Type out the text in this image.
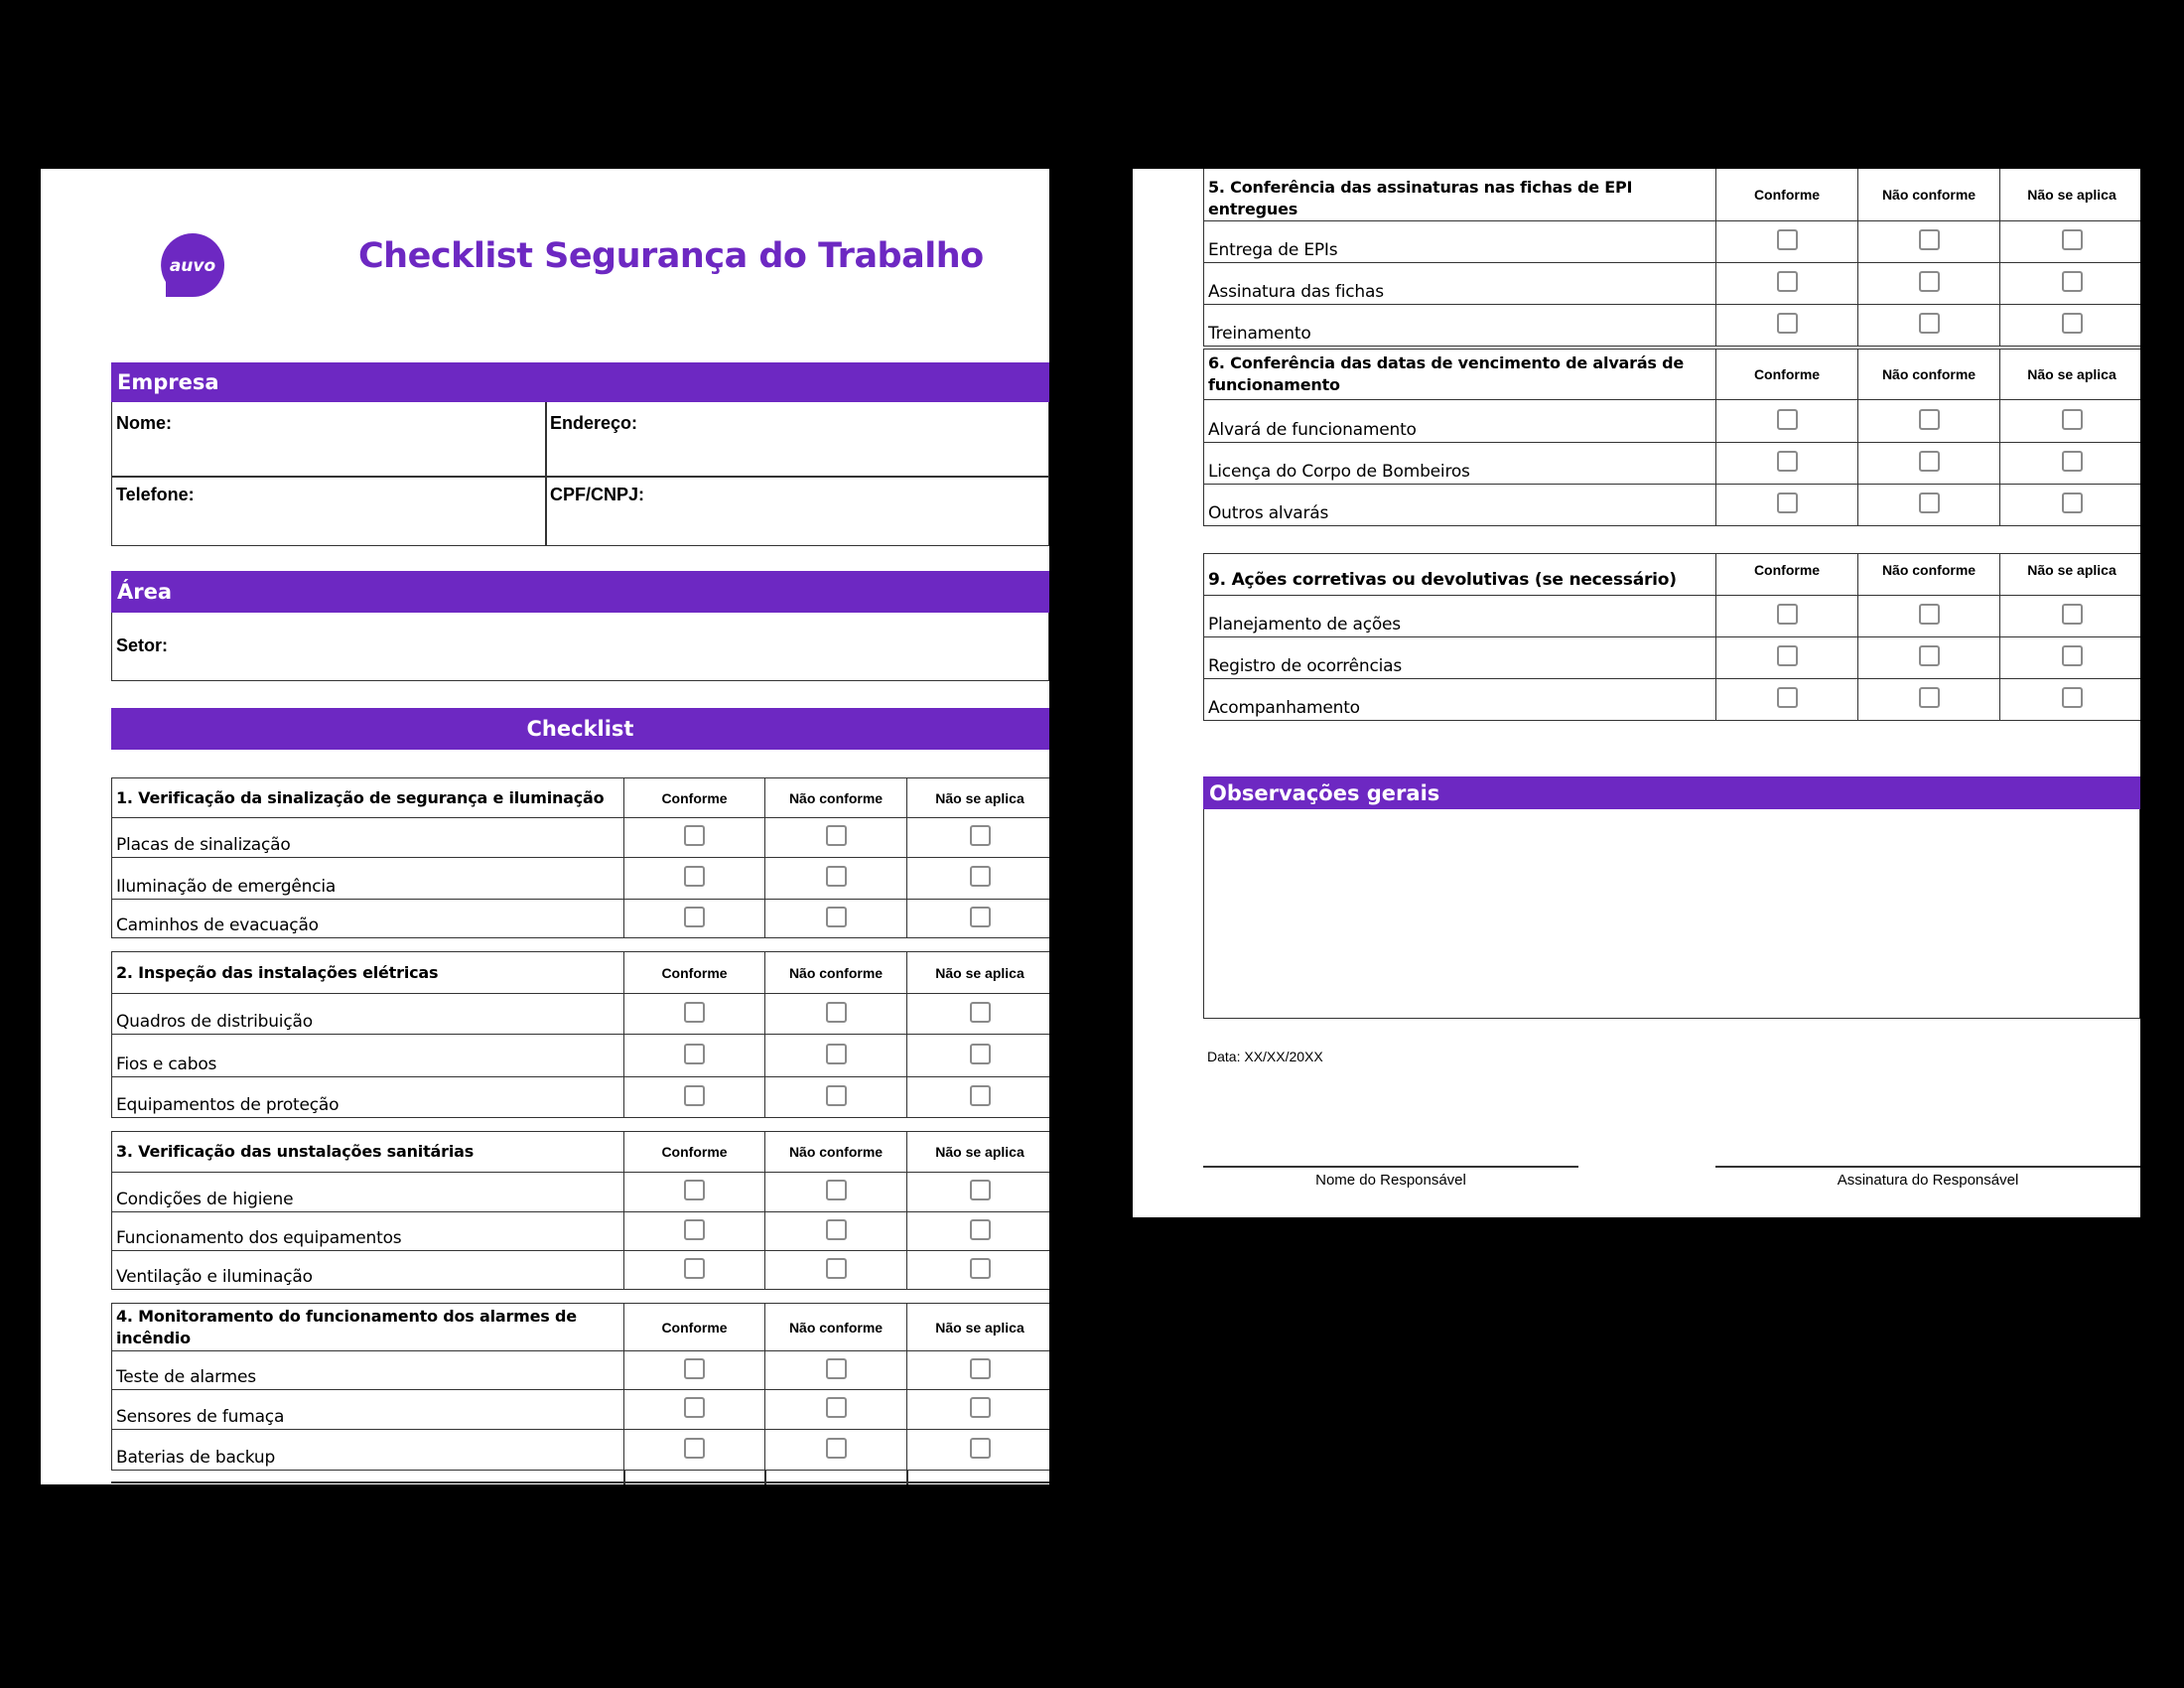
auvo	Checklist Segurança do Trabalho
Empresa
Nome:	Endereço:
Telefone:	CPF/CNPJ:
Área
Setor:
Checklist
1. Verificação da sinalização de segurança e iluminação	Conforme	Não conforme	Não se aplica
Placas de sinalização			
Iluminação de emergência			
Caminhos de evacuação			
2. Inspeção das instalações elétricas	Conforme	Não conforme	Não se aplica
Quadros de distribuição			
Fios e cabos			
Equipamentos de proteção			
3. Verificação das unstalações sanitárias	Conforme	Não conforme	Não se aplica
Condições de higiene			
Funcionamento dos equipamentos			
Ventilação e iluminação			
4. Monitoramento do funcionamento dos alarmes de incêndio	Conforme	Não conforme	Não se aplica
Teste de alarmes			
Sensores de fumaça			
Baterias de backup			
5. Conferência das assinaturas nas fichas de EPI entregues	Conforme	Não conforme	Não se aplica
Entrega de EPIs			
Assinatura das fichas			
Treinamento			
6. Conferência das datas de vencimento de alvarás de funcionamento	Conforme	Não conforme	Não se aplica
Alvará de funcionamento			
Licença do Corpo de Bombeiros			
Outros alvarás			
9. Ações corretivas ou devolutivas (se necessário)	Conforme	Não conforme	Não se aplica
Planejamento de ações			
Registro de ocorrências			
Acompanhamento			
Observações gerais
Data: XX/XX/20XX
Nome do Responsável	Assinatura do Responsável
